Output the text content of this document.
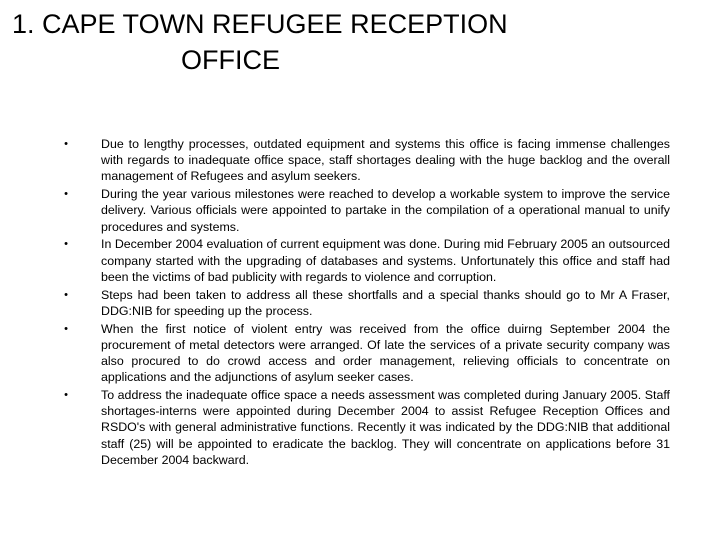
1. CAPE TOWN REFUGEE RECEPTION
OFFICE
•	Due to lengthy processes, outdated equipment and systems this office is facing immense challenges with regards to inadequate office space, staff shortages dealing with the huge backlog and the overall management of Refugees and asylum seekers.
•	During the year various milestones were reached to develop a workable system to improve the service delivery. Various officials were appointed to partake in the compilation of a operational manual to unify procedures and systems.
•	In December 2004 evaluation of current equipment was done. During mid February 2005 an outsourced company started with the upgrading of databases and systems. Unfortunately this office and staff had been the victims of bad publicity with regards to violence and corruption.
•	Steps had been taken to address all these shortfalls and a special thanks should go to Mr A Fraser, DDG:NIB for speeding up the process.
•	When the first notice of violent entry was received from the office duirng September 2004 the procurement of metal detectors were arranged. Of late the services of a private security company was also procured to do crowd access and order management, relieving officials to concentrate on applications and the adjunctions of asylum seeker cases.
•	To address the inadequate office space a needs assessment was completed during January 2005. Staff shortages-interns were appointed during December 2004 to assist Refugee Reception Offices and RSDO's with general administrative functions. Recently it was indicated by the DDG:NIB that additional staff (25) will be appointed to eradicate the backlog. They will concentrate on applications before 31 December 2004 backward.
